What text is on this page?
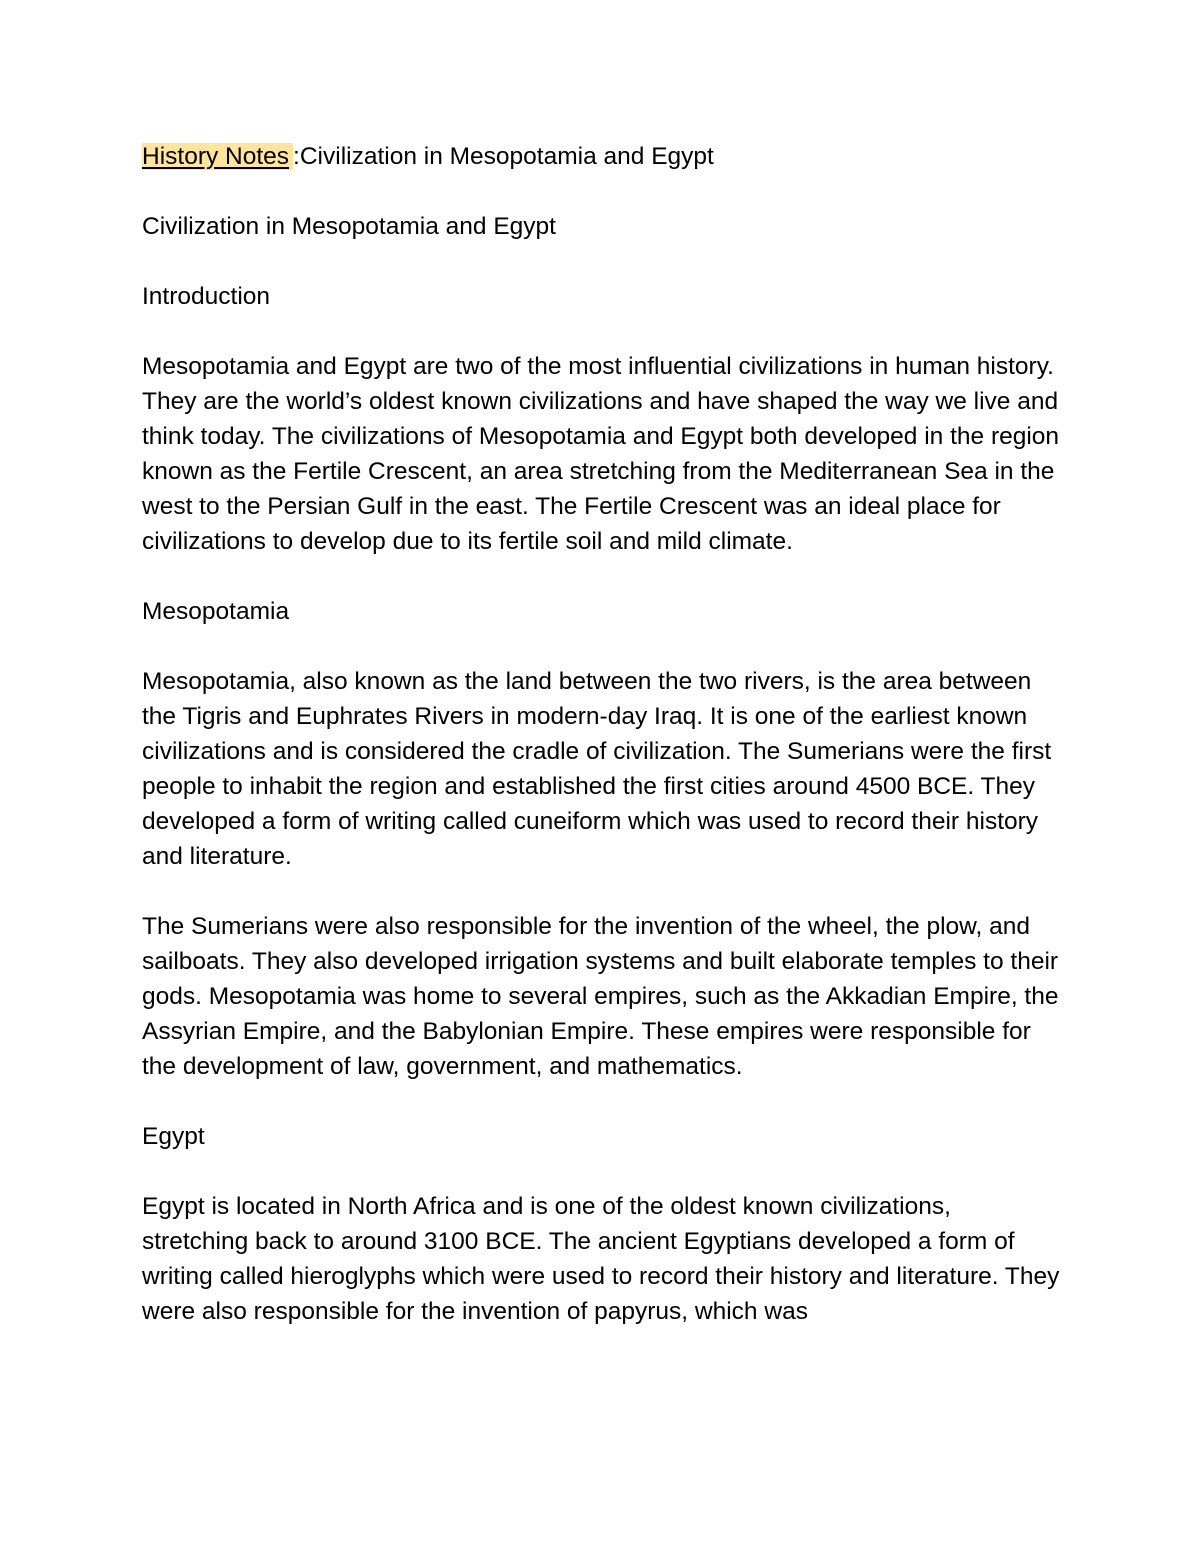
History Notes :Civilization in Mesopotamia and Egypt

Civilization in Mesopotamia and Egypt

Introduction

Mesopotamia and Egypt are two of the most influential civilizations in human history. They are the world’s oldest known civilizations and have shaped the way we live and think today. The civilizations of Mesopotamia and Egypt both developed in the region known as the Fertile Crescent, an area stretching from the Mediterranean Sea in the west to the Persian Gulf in the east. The Fertile Crescent was an ideal place for civilizations to develop due to its fertile soil and mild climate.

Mesopotamia

Mesopotamia, also known as the land between the two rivers, is the area between the Tigris and Euphrates Rivers in modern-day Iraq. It is one of the earliest known civilizations and is considered the cradle of civilization. The Sumerians were the first people to inhabit the region and established the first cities around 4500 BCE. They developed a form of writing called cuneiform which was used to record their history and literature.

The Sumerians were also responsible for the invention of the wheel, the plow, and sailboats. They also developed irrigation systems and built elaborate temples to their gods. Mesopotamia was home to several empires, such as the Akkadian Empire, the Assyrian Empire, and the Babylonian Empire. These empires were responsible for the development of law, government, and mathematics.

Egypt

Egypt is located in North Africa and is one of the oldest known civilizations, stretching back to around 3100 BCE. The ancient Egyptians developed a form of writing called hieroglyphs which were used to record their history and literature. They were also responsible for the invention of papyrus, which was
